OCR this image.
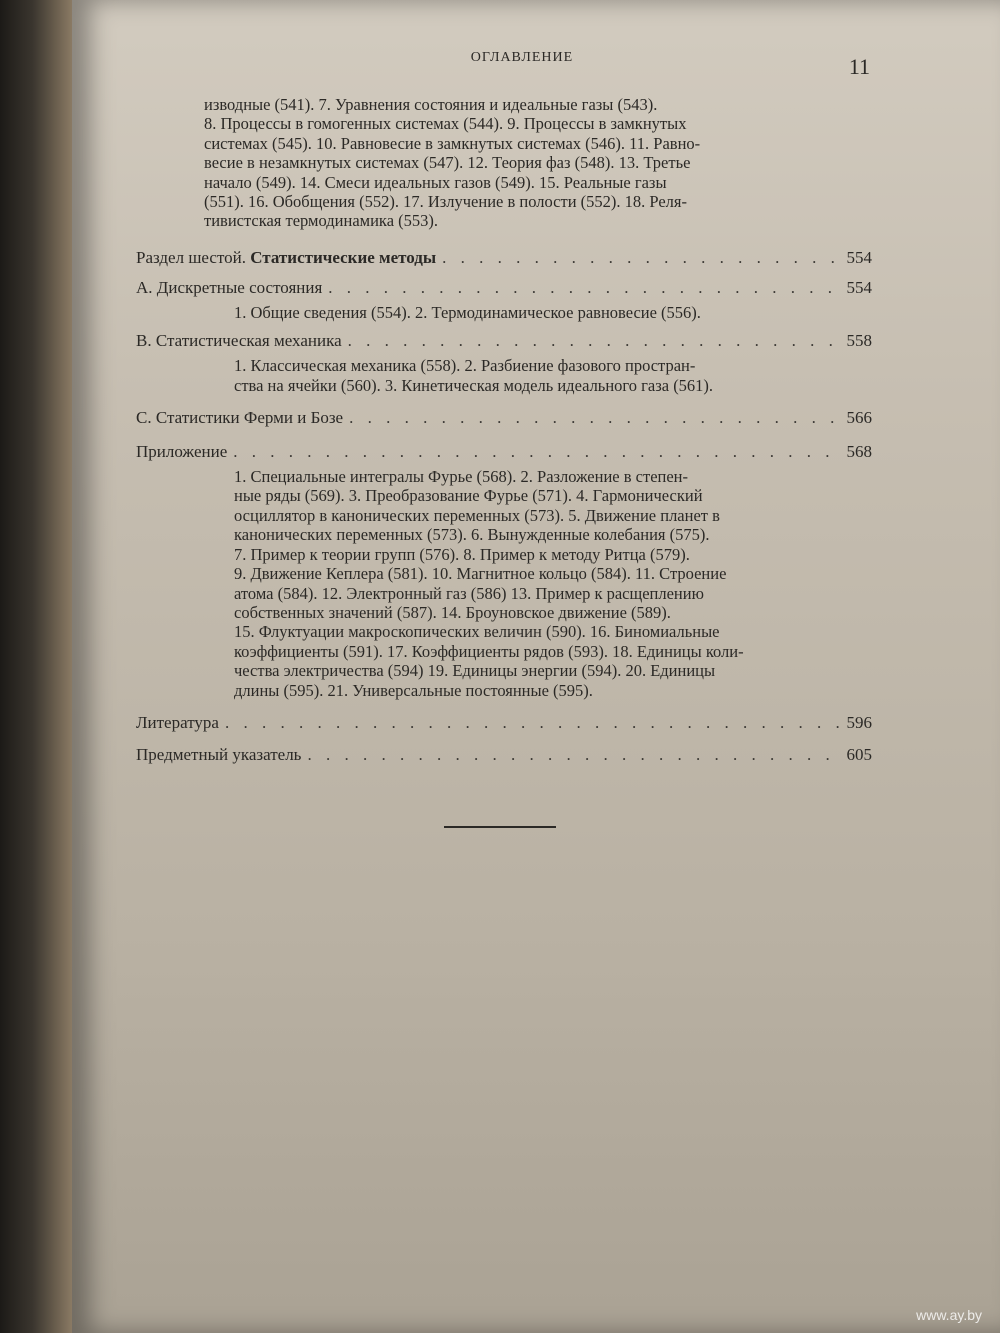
ОГЛАВЛЕНИЕ	11
изводные (541). 7. Уравнения состояния и идеальные газы (543).
8. Процессы в гомогенных системах (544). 9. Процессы в замкнутых
системах (545). 10. Равновесие в замкнутых системах (546). 11. Равно-
весие в незамкнутых системах (547). 12. Теория фаз (548). 13. Третье
начало (549). 14. Смеси идеальных газов (549). 15. Реальные газы
(551). 16. Обобщения (552). 17. Излучение в полости (552). 18. Реля-
тивистская термодинамика (553).
Раздел шестой. Статистические методы . . .	554
A. Дискретные состояния . . .	554
1. Общие сведения (554). 2. Термодинамическое равновесие (556).
B. Статистическая механика . . .	558
1. Классическая механика (558). 2. Разбиение фазового простран-
ства на ячейки (560). 3. Кинетическая модель идеального газа (561).
C. Статистики Ферми и Бозе . . .	566
Приложение . . .	568
1. Специальные интегралы Фурье (568). 2. Разложение в степен-
ные ряды (569). 3. Преобразование Фурье (571). 4. Гармонический
осциллятор в канонических переменных (573). 5. Движение планет в
канонических переменных (573). 6. Вынужденные колебания (575).
7. Пример к теории групп (576). 8. Пример к методу Ритца (579).
9. Движение Кеплера (581). 10. Магнитное кольцо (584). 11. Строение
атома (584). 12. Электронный газ (586) 13. Пример к расщеплению
собственных значений (587). 14. Броуновское движение (589).
15. Флуктуации макроскопических величин (590). 16. Биномиальные
коэффициенты (591). 17. Коэффициенты рядов (593). 18. Единицы коли-
чества электричества (594) 19. Единицы энергии (594). 20. Единицы
длины (595). 21. Универсальные постоянные (595).
Литература . . .	596
Предметный указатель . . .	605
www.ay.by
